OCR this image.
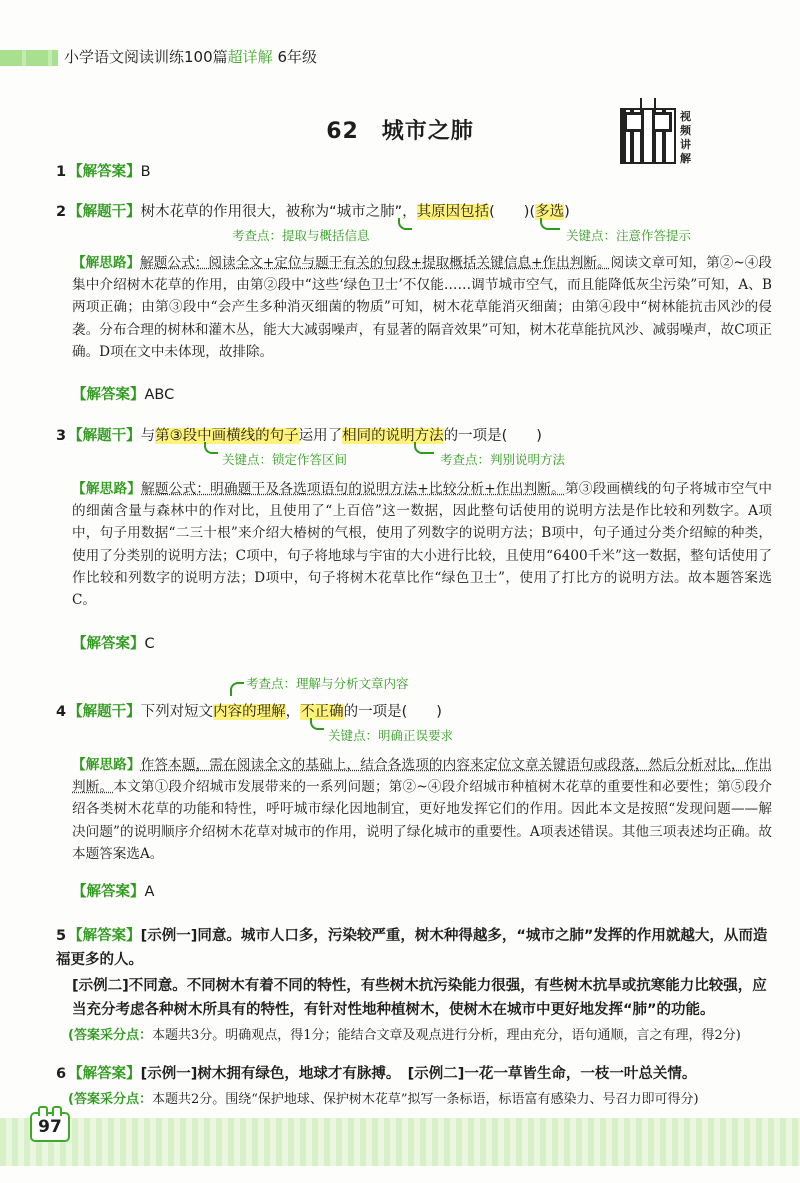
小学语文阅读训练100篇超详解 6年级
62　城市之肺
视频讲解
1 【解答案】B
2 【解题干】树木花草的作用很大，被称为“城市之肺”，其原因包括(　　)(多选)
考查点：提取与概括信息	关键点：注意作答提示
【解思路】解题公式：阅读全文+定位与题干有关的句段+提取概括关键信息+作出判断。阅读文章可知，第②~④段集中介绍树木花草的作用，由第②段中“这些‘绿色卫士’不仅能……调节城市空气，而且能降低灰尘污染”可知，A、B两项正确；由第③段中“会产生多种消灭细菌的物质”可知，树木花草能消灭细菌；由第④段中“树林能抗击风沙的侵袭。分布合理的树林和灌木丛，能大大减弱噪声，有显著的隔音效果”可知，树木花草能抗风沙、减弱噪声，故C项正确。D项在文中未体现，故排除。
【解答案】ABC
3 【解题干】与第③段中画横线的句子运用了相同的说明方法的一项是(　　)
关键点：锁定作答区间	考查点：判别说明方法
【解思路】解题公式：明确题干及各选项语句的说明方法+比较分析+作出判断。第③段画横线的句子将城市空气中的细菌含量与森林中的作对比，且使用了“上百倍”这一数据，因此整句话使用的说明方法是作比较和列数字。A项中，句子用数据“二三十根”来介绍大椿树的气根，使用了列数字的说明方法；B项中，句子通过分类介绍鲸的种类，使用了分类别的说明方法；C项中，句子将地球与宇宙的大小进行比较，且使用“6400千米”这一数据，整句话使用了作比较和列数字的说明方法；D项中，句子将树木花草比作“绿色卫士”，使用了打比方的说明方法。故本题答案选C。
【解答案】C
考查点：理解与分析文章内容
4 【解题干】下列对短文内容的理解，不正确的一项是(　　)
关键点：明确正误要求
【解思路】作答本题，需在阅读全文的基础上，结合各选项的内容来定位文章关键语句或段落，然后分析对比，作出判断。本文第①段介绍城市发展带来的一系列问题；第②~④段介绍城市种植树木花草的重要性和必要性；第⑤段介绍各类树木花草的功能和特性，呼吁城市绿化因地制宜，更好地发挥它们的作用。因此本文是按照“发现问题——解决问题”的说明顺序介绍树木花草对城市的作用，说明了绿化城市的重要性。A项表述错误。其他三项表述均正确。故本题答案选A。
【解答案】A
5 【解答案】[示例一]同意。城市人口多，污染较严重，树木种得越多，“城市之肺”发挥的作用就越大，从而造福更多的人。
[示例二]不同意。不同树木有着不同的特性，有些树木抗污染能力很强，有些树木抗旱或抗寒能力比较强，应当充分考虑各种树木所具有的特性，有针对性地种植树木，使树木在城市中更好地发挥“肺”的功能。
(答案采分点：本题共3分。明确观点，得1分；能结合文章及观点进行分析，理由充分，语句通顺，言之有理，得2分)
6 【解答案】[示例一]树木拥有绿色，地球才有脉搏。　[示例二]一花一草皆生命，一枝一叶总关情。
(答案采分点：本题共2分。围绕“保护地球、保护树木花草”拟写一条标语，标语富有感染力、号召力即可得分)
97
